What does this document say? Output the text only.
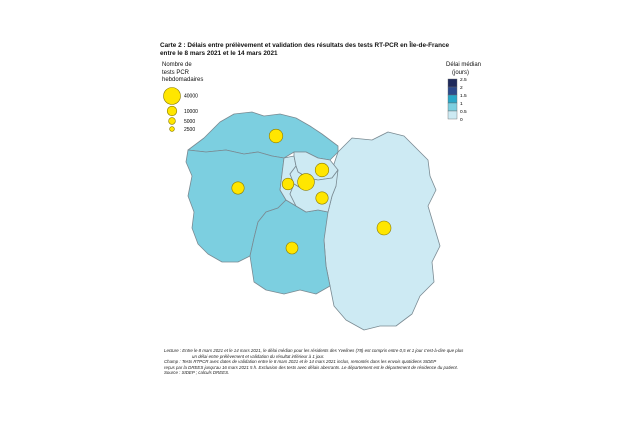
Carte 2 : Délais entre prélèvement et validation des résultats des tests RT-PCR en Île-de-France
entre le 8 mars 2021 et le 14 mars 2021
Nombre de
tests PCR hebdomadaires
40000
10000
5000
2500
Délai médian
(jours)
2.5
2
1.5
1
0.5
0
Lecture : Entre le 8 mars 2021 et le 14 mars 2021, le délai médian pour les résidents des Yvelines (78) est compris entre 0,5 et 1 jour c'est-à-dire que plus
un délai entre prélèvement et validation du résultat inférieur à 1 jour.
Champ : Tests RTPCR avec dates de validation entre le 8 mars 2021 et le 14 mars 2021 inclus, remontés dans les envois quotidiens SIDEP
reçus par la DREES jusqu'au 16 mars 2021 5 h. Exclusion des tests avec délais aberrants. Le département est le département de résidence du patient.
Source : SIDEP ; calculs DREES.
